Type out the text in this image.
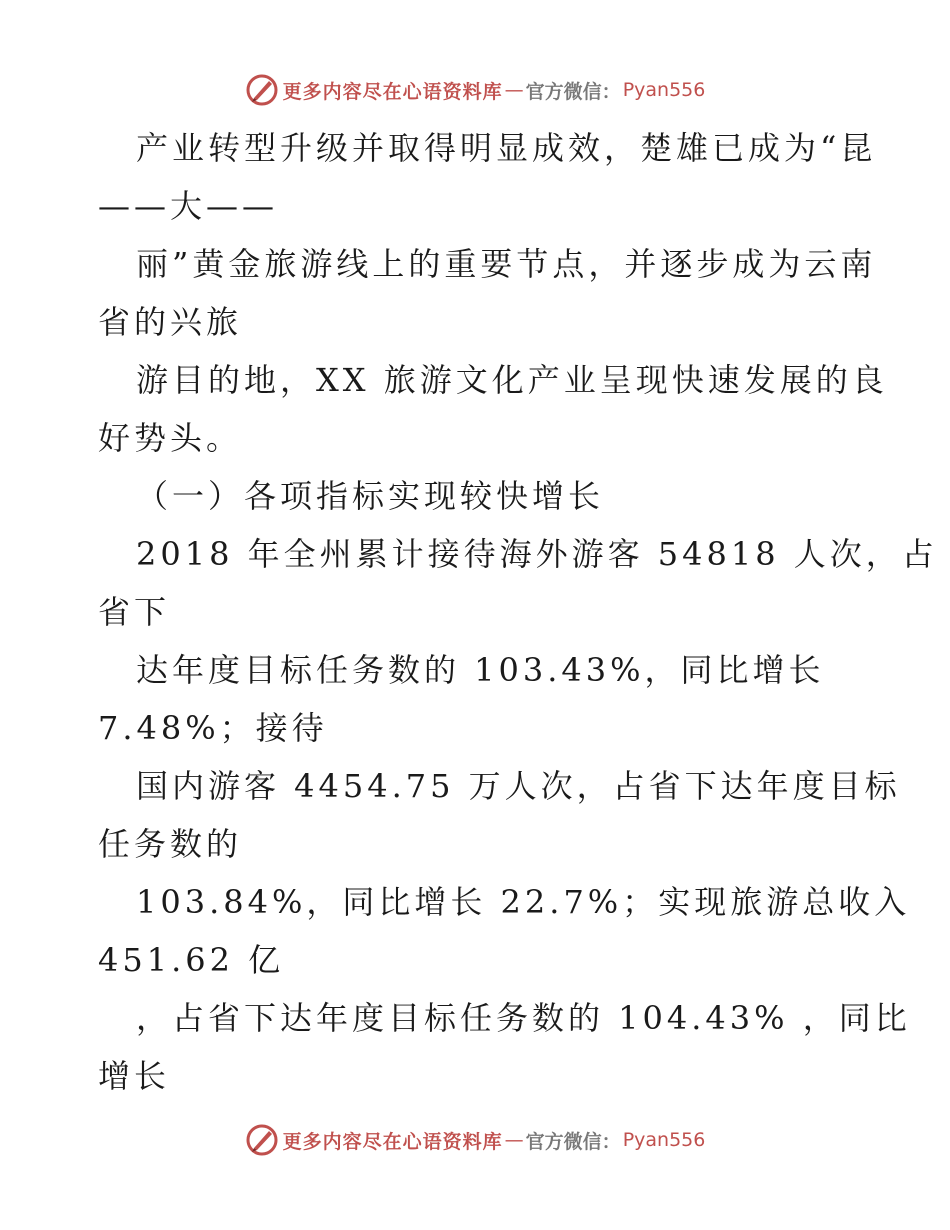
更多内容尽在心语资料库 — 官方微信： Pyan556
产业转型升级并取得明显成效，楚雄已成为“昆
——大——
丽”黄金旅游线上的重要节点，并逐步成为云南
省的兴旅
游目的地，XX 旅游文化产业呈现快速发展的良
好势头。
（一）各项指标实现较快增长
2018 年全州累计接待海外游客 54818 人次，占
省下
达年度目标任务数的 103.43%，同比增长
7.48%；接待
国内游客 4454.75 万人次，占省下达年度目标
任务数的
103.84%，同比增长 22.7%；实现旅游总收入
451.62 亿
，占省下达年度目标任务数的 104.43% ，同比
增长
更多内容尽在心语资料库 — 官方微信： Pyan556
